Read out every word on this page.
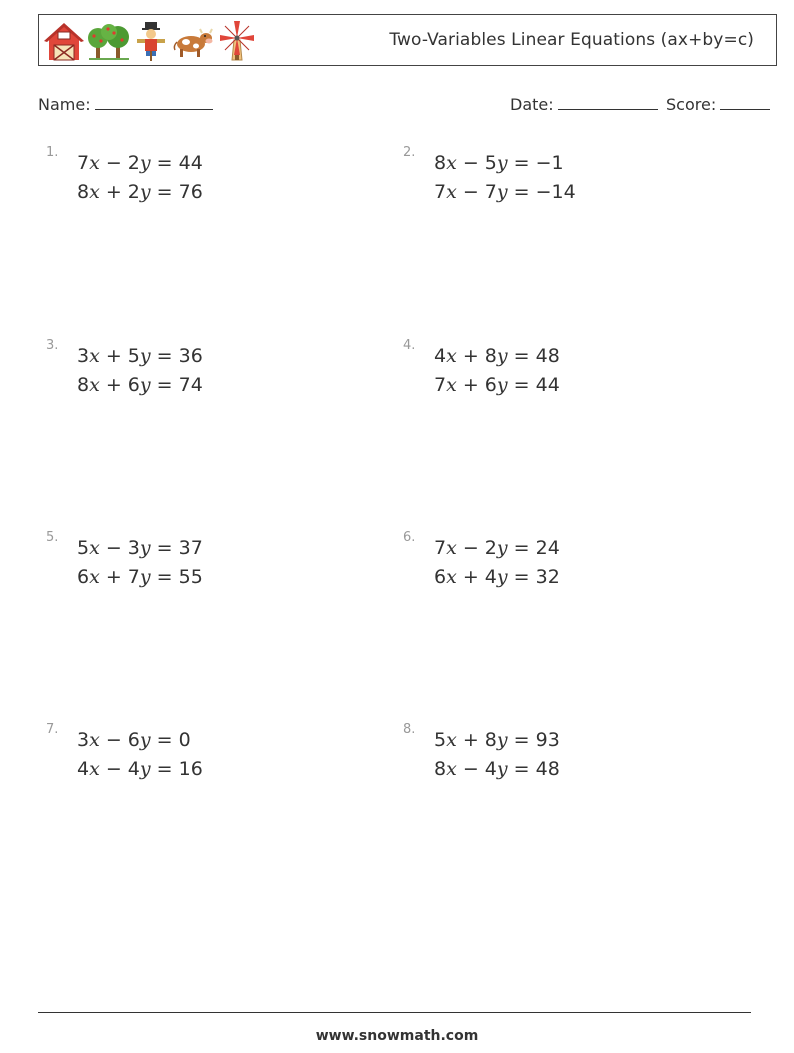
Two-Variables Linear Equations (ax+by=c)
Name:	Date:	Score:
1. 7x − 2y = 44
8x + 2y = 76
2. 8x − 5y = −1
7x − 7y = −14
3. 3x + 5y = 36
8x + 6y = 74
4. 4x + 8y = 48
7x + 6y = 44
5. 5x − 3y = 37
6x + 7y = 55
6. 7x − 2y = 24
6x + 4y = 32
7. 3x − 6y = 0
4x − 4y = 16
8. 5x + 8y = 93
8x − 4y = 48
www.snowmath.com
